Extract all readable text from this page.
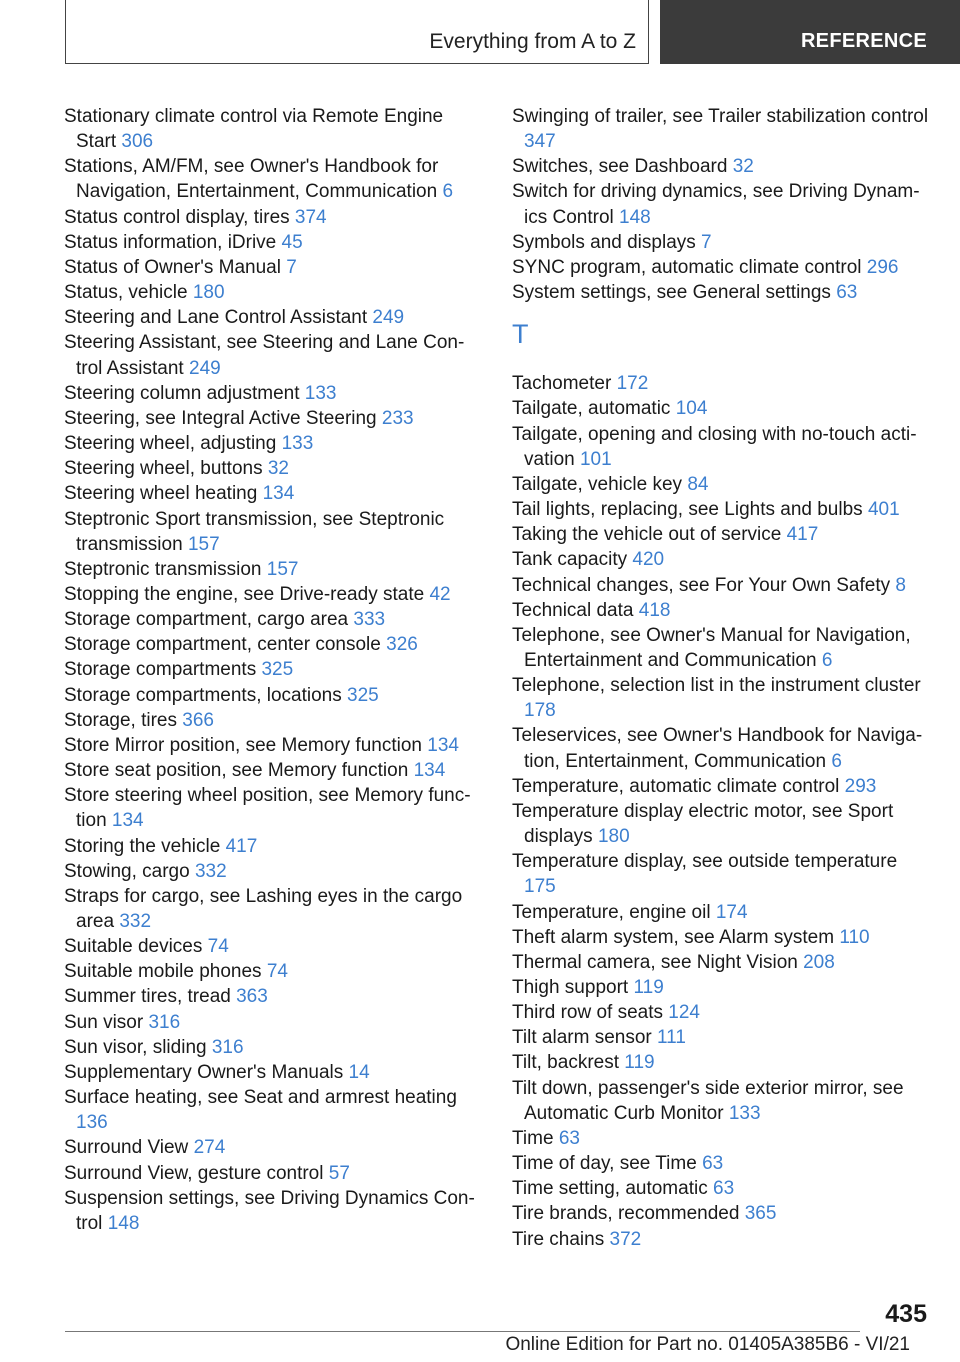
Everything from A to Z	REFERENCE

Stationary climate control via Remote Engine Start 306

Stations, AM/FM, see Owner's Handbook for Navigation, Entertainment, Communication 6

Status control display, tires 374

Status information, iDrive 45

Status of Owner's Manual 7

Status, vehicle 180

Steering and Lane Control Assistant 249

Steering Assistant, see Steering and Lane Control Assistant 249

Steering column adjustment 133

Steering, see Integral Active Steering 233

Steering wheel, adjusting 133

Steering wheel, buttons 32

Steering wheel heating 134

Steptronic Sport transmission, see Steptronic transmission 157

Steptronic transmission 157

Stopping the engine, see Drive-ready state 42

Storage compartment, cargo area 333

Storage compartment, center console 326

Storage compartments 325

Storage compartments, locations 325

Storage, tires 366

Store Mirror position, see Memory function 134

Store seat position, see Memory function 134

Store steering wheel position, see Memory function 134

Storing the vehicle 417

Stowing, cargo 332

Straps for cargo, see Lashing eyes in the cargo area 332

Suitable devices 74

Suitable mobile phones 74

Summer tires, tread 363

Sun visor 316

Sun visor, sliding 316

Supplementary Owner's Manuals 14

Surface heating, see Seat and armrest heating 136

Surround View 274

Surround View, gesture control 57

Suspension settings, see Driving Dynamics Control 148

Swinging of trailer, see Trailer stabilization control 347

Switches, see Dashboard 32

Switch for driving dynamics, see Driving Dynamics Control 148

Symbols and displays 7

SYNC program, automatic climate control 296

System settings, see General settings 63

T

Tachometer 172

Tailgate, automatic 104

Tailgate, opening and closing with no-touch activation 101

Tailgate, vehicle key 84

Tail lights, replacing, see Lights and bulbs 401

Taking the vehicle out of service 417

Tank capacity 420

Technical changes, see For Your Own Safety 8

Technical data 418

Telephone, see Owner's Manual for Navigation, Entertainment and Communication 6

Telephone, selection list in the instrument cluster 178

Teleservices, see Owner's Handbook for Navigation, Entertainment, Communication 6

Temperature, automatic climate control 293

Temperature display electric motor, see Sport displays 180

Temperature display, see outside temperature 175

Temperature, engine oil 174

Theft alarm system, see Alarm system 110

Thermal camera, see Night Vision 208

Thigh support 119

Third row of seats 124

Tilt alarm sensor 111

Tilt, backrest 119

Tilt down, passenger's side exterior mirror, see Automatic Curb Monitor 133

Time 63

Time of day, see Time 63

Time setting, automatic 63

Tire brands, recommended 365

Tire chains 372

435
Online Edition for Part no. 01405A385B6 - VI/21
